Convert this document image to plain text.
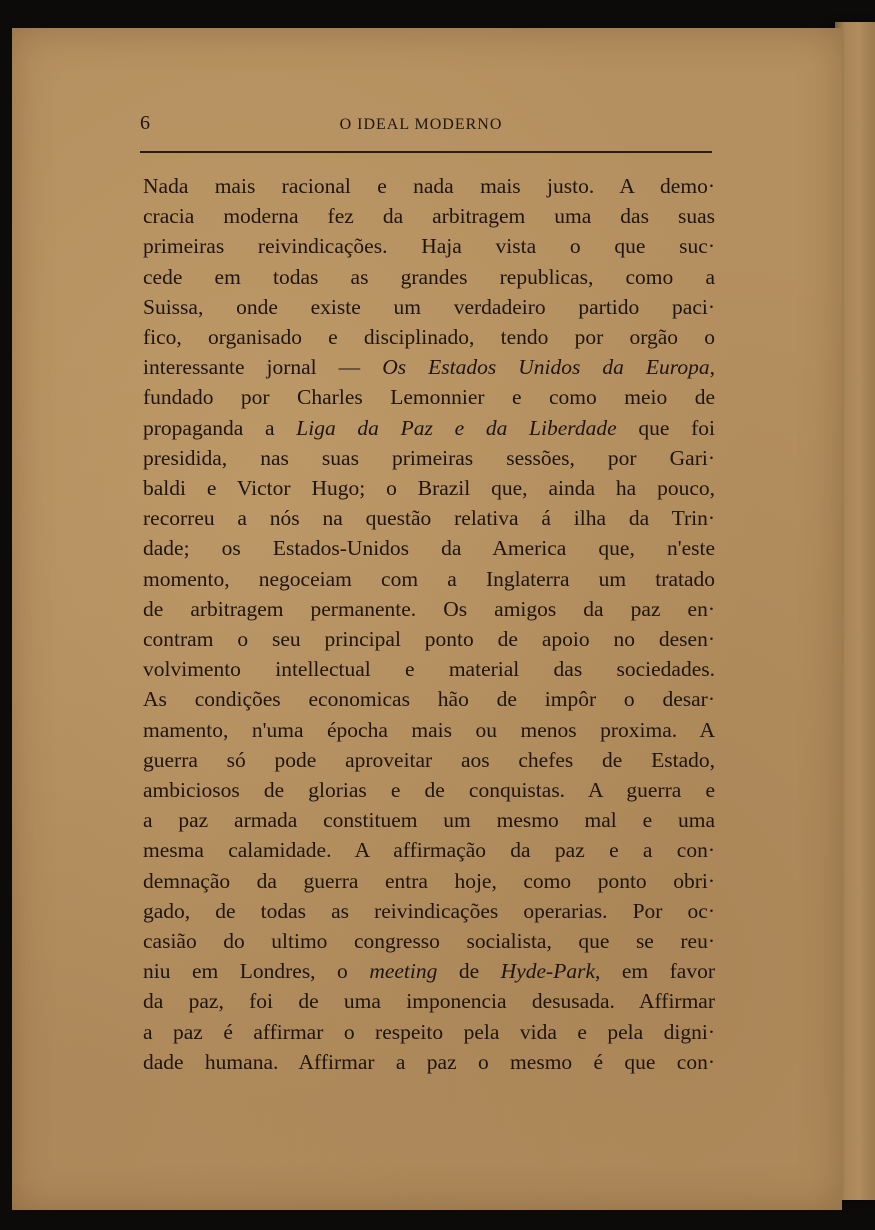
6	O IDEAL MODERNO
Nada mais racional e nada mais justo. A demo·
cracia moderna fez da arbitragem uma das suas
primeiras reivindicações. Haja vista o que suc·
cede em todas as grandes republicas, como a
Suissa, onde existe um verdadeiro partido paci·
fico, organisado e disciplinado, tendo por orgão o
interessante jornal — Os Estados Unidos da Europa,
fundado por Charles Lemonnier e como meio de
propaganda a Liga da Paz e da Liberdade que foi
presidida, nas suas primeiras sessões, por Gari·
baldi e Victor Hugo; o Brazil que, ainda ha pouco,
recorreu a nós na questão relativa á ilha da Trin·
dade; os Estados-Unidos da America que, n'este
momento, negoceiam com a Inglaterra um tratado
de arbitragem permanente. Os amigos da paz en·
contram o seu principal ponto de apoio no desen·
volvimento intellectual e material das sociedades.
As condições economicas hão de impôr o desar·
mamento, n'uma épocha mais ou menos proxima. A
guerra só pode aproveitar aos chefes de Estado,
ambiciosos de glorias e de conquistas. A guerra e
a paz armada constituem um mesmo mal e uma
mesma calamidade. A affirmação da paz e a con·
demnação da guerra entra hoje, como ponto obri·
gado, de todas as reivindicações operarias. Por oc·
casião do ultimo congresso socialista, que se reu·
niu em Londres, o meeting de Hyde-Park, em favor
da paz, foi de uma imponencia desusada. Affirmar
a paz é affirmar o respeito pela vida e pela digni·
dade humana. Affirmar a paz o mesmo é que con·
